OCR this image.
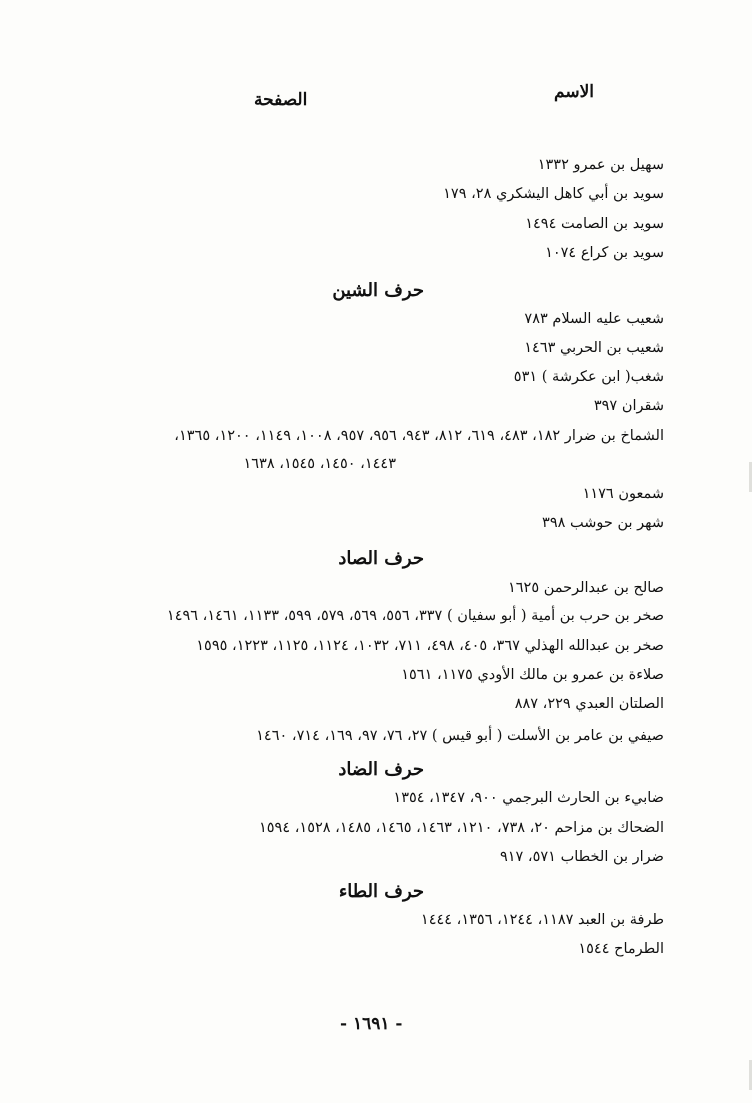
الاسم
الصفحة
سهيل بن عمرو ١٣٣٢
سويد بن أبي كاهل اليشكري ٢٨، ١٧٩
سويد بن الصامت ١٤٩٤
سويد بن كراع ١٠٧٤
حرف الشين
شعيب عليه السلام ٧٨٣
شعيب بن الحربي ١٤٦٣
شغب( ابن عكرشة ) ٥٣١
شقران ٣٩٧
الشماخ بن ضرار ١٨٢، ٤٨٣، ٦١٩، ٨١٢، ٩٤٣، ٩٥٦، ٩٥٧، ١٠٠٨، ١١٤٩، ١٢٠٠، ١٣٦٥،
١٤٤٣، ١٤٥٠، ١٥٤٥، ١٦٣٨
شمعون ١١٧٦
شهر بن حوشب ٣٩٨
حرف الصاد
صالح بن عبدالرحمن ١٦٢٥
صخر بن حرب بن أمية ( أبو سفيان ) ٣٣٧، ٥٥٦، ٥٦٩، ٥٧٩، ٥٩٩، ١١٣٣، ١٤٦١، ١٤٩٦
صخر بن عبدالله الهذلي ٣٦٧، ٤٠٥، ٤٩٨، ٧١١، ١٠٣٢، ١١٢٤، ١١٢٥، ١٢٢٣، ١٥٩٥
صلاءة بن عمرو بن مالك الأودي ١١٧٥، ١٥٦١
الصلتان العبدي ٢٢٩، ٨٨٧
صيفي بن عامر بن الأسلت ( أبو قيس ) ٢٧، ٧٦، ٩٧، ١٦٩، ٧١٤، ١٤٦٠
حرف الضاد
ضابيء بن الحارث البرجمي ٩٠٠، ١٣٤٧، ١٣٥٤
الضحاك بن مزاحم ٢٠، ٧٣٨، ١٢١٠، ١٤٦٣، ١٤٦٥، ١٤٨٥، ١٥٢٨، ١٥٩٤
ضرار بن الخطاب ٥٧١، ٩١٧
حرف الطاء
طرفة بن العبد ١١٨٧، ١٢٤٤، ١٣٥٦، ١٤٤٤
الطرماح ١٥٤٤
- ١٦٩١ -
